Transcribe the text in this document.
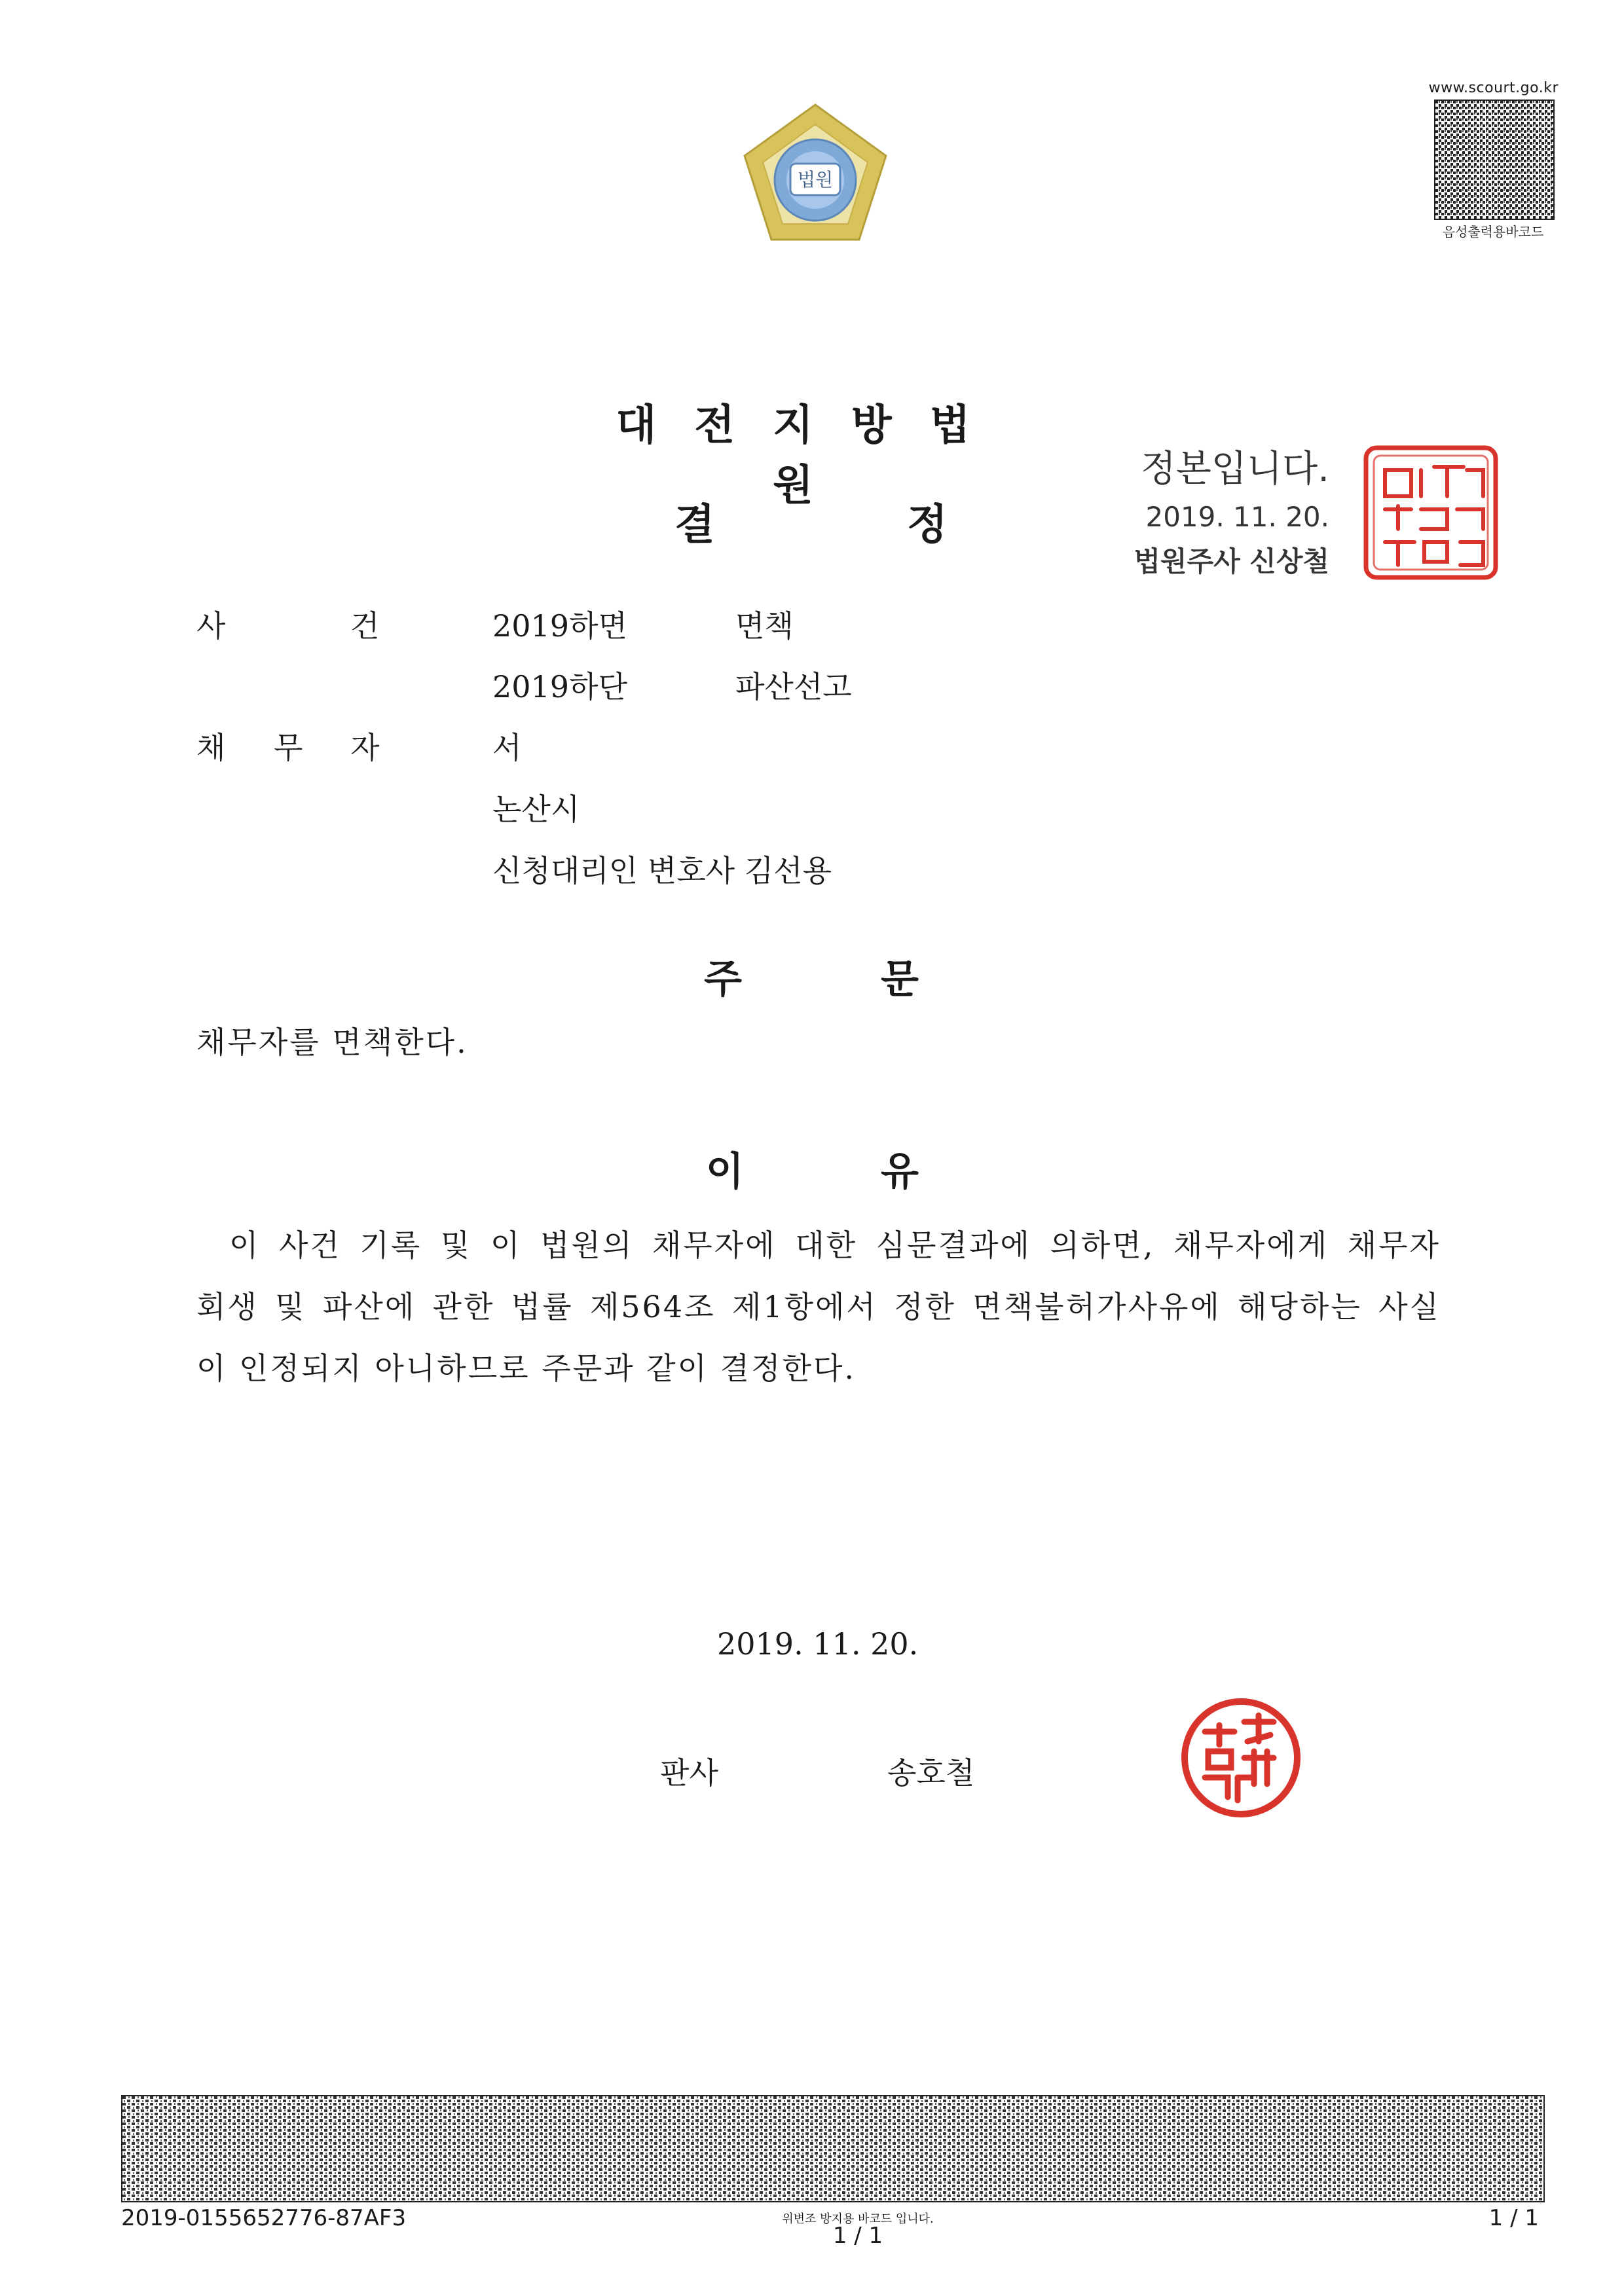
법원
www.scourt.go.kr
음성출력용바코드
대전지방법원
결	정
정본입니다.
2019. 11. 20.
법원주사 신상철
사	건	2019하면	면책
2019하단	파산선고
채 무 자	서
논산시
신청대리인 변호사 김선용
주	문
채무자를 면책한다.
이	유
이 사건 기록 및 이 법원의 채무자에 대한 심문결과에 의하면, 채무자에게 채무자
회생 및 파산에 관한 법률 제564조 제1항에서 정한 면책불허가사유에 해당하는 사실
이 인정되지 아니하므로 주문과 같이 결정한다.
2019. 11. 20.
판사	송호철
2019-0155652776-87AF3	위변조 방지용 바코드 입니다.
1 / 1
1 / 1
